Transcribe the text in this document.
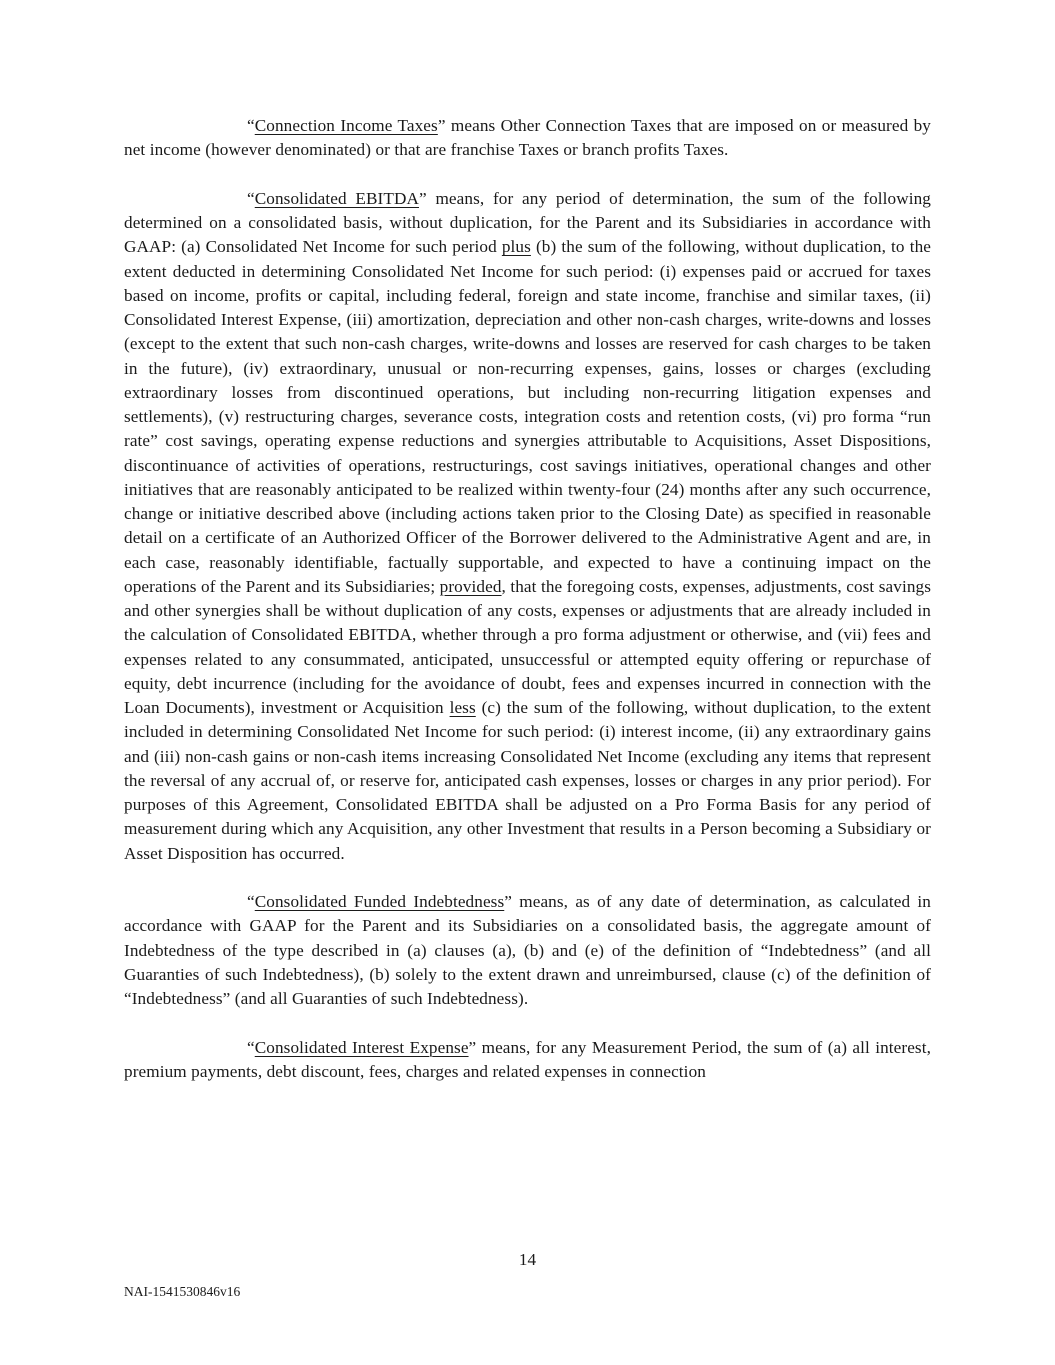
“Connection Income Taxes” means Other Connection Taxes that are imposed on or measured by net income (however denominated) or that are franchise Taxes or branch profits Taxes.

“Consolidated EBITDA” means, for any period of determination, the sum of the following determined on a consolidated basis, without duplication, for the Parent and its Subsidiaries in accordance with GAAP: (a) Consolidated Net Income for such period plus (b) the sum of the following, without duplication, to the extent deducted in determining Consolidated Net Income for such period: (i) expenses paid or accrued for taxes based on income, profits or capital, including federal, foreign and state income, franchise and similar taxes, (ii) Consolidated Interest Expense, (iii) amortization, depreciation and other non-cash charges, write-downs and losses (except to the extent that such non-cash charges, write-downs and losses are reserved for cash charges to be taken in the future), (iv) extraordinary, unusual or non-recurring expenses, gains, losses or charges (excluding extraordinary losses from discontinued operations, but including non-recurring litigation expenses and settlements), (v) restructuring charges, severance costs, integration costs and retention costs, (vi) pro forma “run rate” cost savings, operating expense reductions and synergies attributable to Acquisitions, Asset Dispositions, discontinuance of activities of operations, restructurings, cost savings initiatives, operational changes and other initiatives that are reasonably anticipated to be realized within twenty-four (24) months after any such occurrence, change or initiative described above (including actions taken prior to the Closing Date) as specified in reasonable detail on a certificate of an Authorized Officer of the Borrower delivered to the Administrative Agent and are, in each case, reasonably identifiable, factually supportable, and expected to have a continuing impact on the operations of the Parent and its Subsidiaries; provided, that the foregoing costs, expenses, adjustments, cost savings and other synergies shall be without duplication of any costs, expenses or adjustments that are already included in the calculation of Consolidated EBITDA, whether through a pro forma adjustment or otherwise, and (vii) fees and expenses related to any consummated, anticipated, unsuccessful or attempted equity offering or repurchase of equity, debt incurrence (including for the avoidance of doubt, fees and expenses incurred in connection with the Loan Documents), investment or Acquisition less (c) the sum of the following, without duplication, to the extent included in determining Consolidated Net Income for such period: (i) interest income, (ii) any extraordinary gains and (iii) non-cash gains or non-cash items increasing Consolidated Net Income (excluding any items that represent the reversal of any accrual of, or reserve for, anticipated cash expenses, losses or charges in any prior period). For purposes of this Agreement, Consolidated EBITDA shall be adjusted on a Pro Forma Basis for any period of measurement during which any Acquisition, any other Investment that results in a Person becoming a Subsidiary or Asset Disposition has occurred.

“Consolidated Funded Indebtedness” means, as of any date of determination, as calculated in accordance with GAAP for the Parent and its Subsidiaries on a consolidated basis, the aggregate amount of Indebtedness of the type described in (a) clauses (a), (b) and (e) of the definition of “Indebtedness” (and all Guaranties of such Indebtedness), (b) solely to the extent drawn and unreimbursed, clause (c) of the definition of “Indebtedness” (and all Guaranties of such Indebtedness).

“Consolidated Interest Expense” means, for any Measurement Period, the sum of (a) all interest, premium payments, debt discount, fees, charges and related expenses in connection

14
NAI-1541530846v16
